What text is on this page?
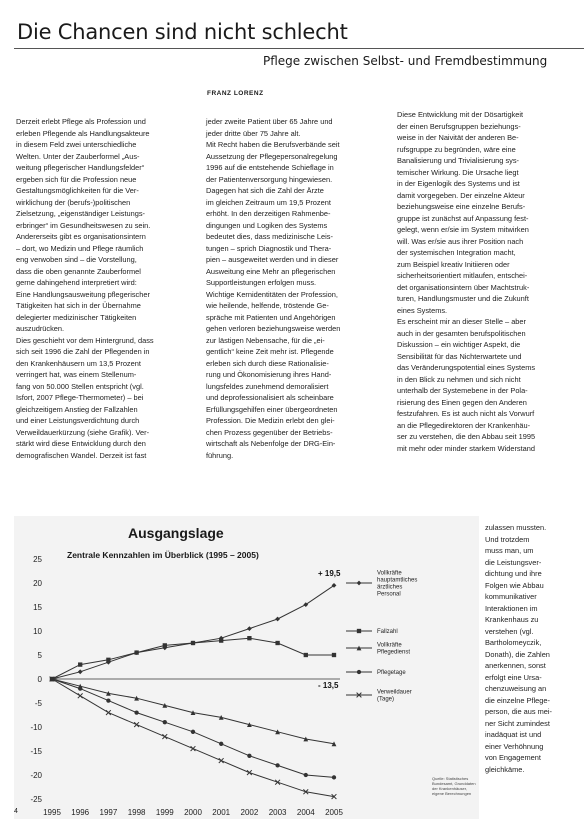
Die Chancen sind nicht schlecht
Pflege zwischen Selbst- und Fremdbestimmung
FRANZ LORENZ
Derzeit erlebt Pflege als Profession und
erleben Pflegende als Handlungsakteure
in diesem Feld zwei unterschiedliche
Welten. Unter der Zauberformel „Aus-
weitung pflegerischer Handlungsfelder“
ergeben sich für die Profession neue
Gestaltungsmöglichkeiten für die Ver-
wirklichung der (berufs-)politischen
Zielsetzung, „eigenständiger Leistungs-
erbringer“ im Gesundheitswesen zu sein.
Andererseits gibt es organisationsintern
– dort, wo Medizin und Pflege räumlich
eng verwoben sind – die Vorstellung,
dass die oben genannte Zauberformel
gerne dahingehend interpretiert wird:
Eine Handlungsausweitung pflegerischer
Tätigkeiten hat sich in der Übernahme
delegierter medizinischer Tätigkeiten
auszudrücken.
Dies geschieht vor dem Hintergrund, dass
sich seit 1996 die Zahl der Pflegenden in
den Krankenhäusern um 13,5 Prozent
verringert hat, was einem Stellenum-
fang von 50.000 Stellen entspricht (vgl.
Isfort, 2007 Pflege-Thermometer) – bei
gleichzeitigem Anstieg der Fallzahlen
und einer Leistungsverdichtung durch
Verweildauerkürzung (siehe Grafik). Ver-
stärkt wird diese Entwicklung durch den
demografischen Wandel. Derzeit ist fast
jeder zweite Patient über 65 Jahre und
jeder dritte über 75 Jahre alt.
Mit Recht haben die Berufsverbände seit
Aussetzung der Pflegepersonalregelung
1996 auf die entstehende Schieflage in
der Patientenversorgung hingewiesen.
Dagegen hat sich die Zahl der Ärzte
im gleichen Zeitraum um 19,5 Prozent
erhöht. In den derzeitigen Rahmenbe-
dingungen und Logiken des Systems
bedeutet dies, dass medizinische Leis-
tungen – sprich Diagnostik und Thera-
pien – ausgeweitet werden und in dieser
Ausweitung eine Mehr an pflegerischen
Supportleistungen erfolgen muss.
Wichtige Kernidentitäten der Profession,
wie heilende, helfende, tröstende Ge-
spräche mit Patienten und Angehörigen
gehen verloren beziehungsweise werden
zur lästigen Nebensache, für die „ei-
gentlich“ keine Zeit mehr ist. Pflegende
erleben sich durch diese Rationalisie-
rung und Ökonomisierung ihres Hand-
lungsfeldes zunehmend demoralisiert
und deprofessionalisiert als scheinbare
Erfüllungsgehilfen einer übergeordneten
Profession. Die Medizin erlebt den glei-
chen Prozess gegenüber der Betriebs-
wirtschaft als Nebenfolge der DRG-Ein-
führung.
Diese Entwicklung mit der Dösartigkeit
der einen Berufsgruppen beziehungs-
weise in der Naivität der anderen Be-
rufsgruppe zu begründen, wäre eine
Banalisierung und Trivialisierung sys-
temischer Wirkung. Die Ursache liegt
in der Eigenlogik des Systems und ist
damit vorgegeben. Der einzelne Akteur
beziehungsweise eine einzelne Berufs-
gruppe ist zunächst auf Anpassung fest-
gelegt, wenn er/sie im System mitwirken
will. Was er/sie aus ihrer Position nach
der systemischen Integration macht,
zum Beispiel kreativ Initiieren oder
sicherheitsorientiert mitlaufen, entschei-
det organisationsintern über Machtstruk-
turen, Handlungsmuster und die Zukunft
eines Systems.
Es erscheint mir an dieser Stelle – aber
auch in der gesamten berufspolitischen
Diskussion – ein wichtiger Aspekt, die
Sensibilität für das Nichterwartete und
das Veränderungspotential eines Systems
in den Blick zu nehmen und sich nicht
unterhalb der Systemebene in der Pola-
risierung des Einen gegen den Anderen
festzufahren. Es ist auch nicht als Vorwurf
an die Pflegedirektoren der Krankenhäu-
ser zu verstehen, die den Abbau seit 1995
mit mehr oder minder starkem Widerstand
zulassen mussten.
Und trotzdem
muss man, um
die Leistungsver-
dichtung und ihre
Folgen wie Abbau
kommunikativer
Interaktionen im
Krankenhaus zu
verstehen (vgl.
Bartholomeyczik,
Donath), die Zahlen
anerkennen, sonst
erfolgt eine Ursa-
chenzuweisung an
die einzelne Pflege-
person, die aus mei-
ner Sicht zumindest
inadäquat ist und
einer Verhöhnung
von Engagement
gleichkäme.
Ausgangslage
Zentrale Kennzahlen im Überblick (1995 – 2005)
25
20
15
10
5
0
-5
-10
-15
-20
-25
1995 1996 1997 1998 1999 2000 2001 2002 2003 2004 2005
Vollkräfte hauptamtliches ärztliches Personal
Fallzahl
Vollkräfte Pflegedienst
Pflegetage
Verweildauer (Tage)
+ 19,5
- 13,5
Quelle: Statistisches Bundesamt, Grunddaten der Krankenhäuser, eigene Berechnungen
4
